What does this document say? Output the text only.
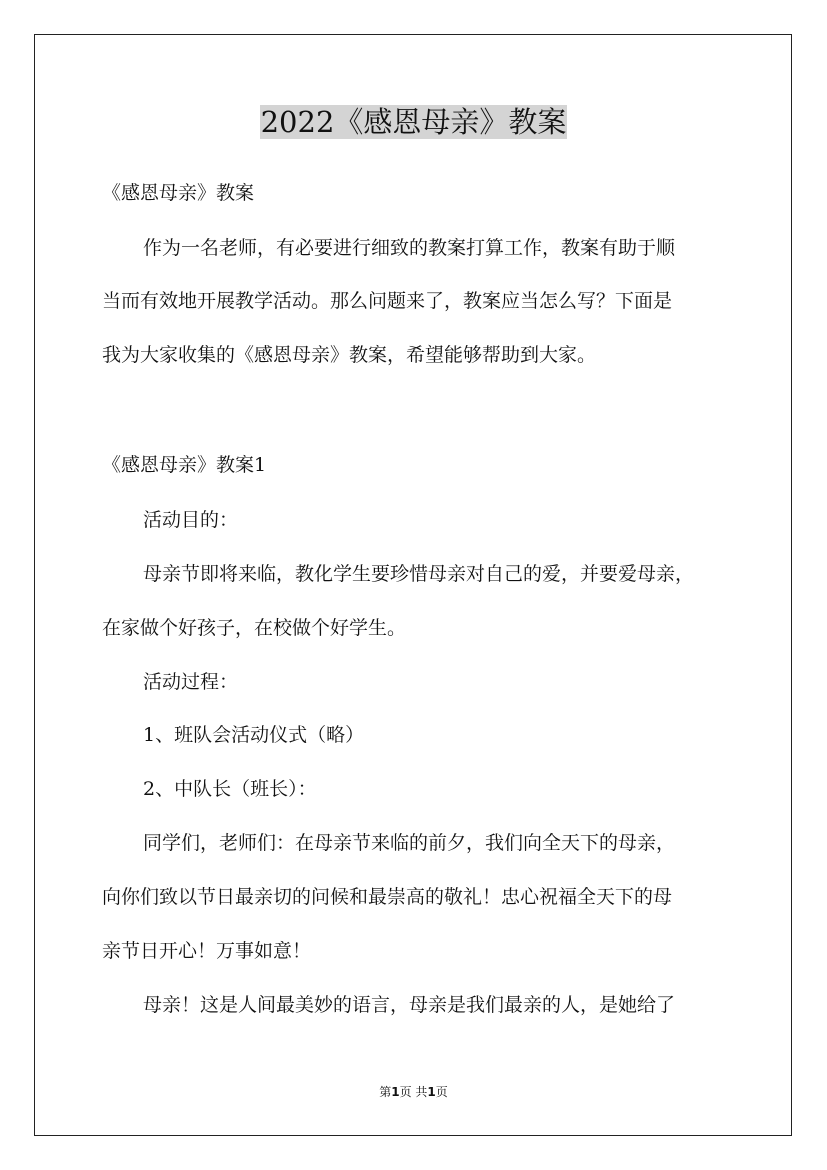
2022《感恩母亲》教案
《感恩母亲》教案
作为一名老师，有必要进行细致的教案打算工作，教案有助于顺
当而有效地开展教学活动。那么问题来了，教案应当怎么写？下面是
我为大家收集的《感恩母亲》教案，希望能够帮助到大家。
《感恩母亲》教案1
活动目的：
母亲节即将来临，教化学生要珍惜母亲对自己的爱，并要爱母亲，
在家做个好孩子，在校做个好学生。
活动过程：
1、班队会活动仪式（略）
2、中队长（班长）：
同学们，老师们：在母亲节来临的前夕，我们向全天下的母亲，
向你们致以节日最亲切的问候和最崇高的敬礼！忠心祝福全天下的母
亲节日开心！万事如意！
母亲！这是人间最美妙的语言，母亲是我们最亲的人，是她给了
第1页 共1页
